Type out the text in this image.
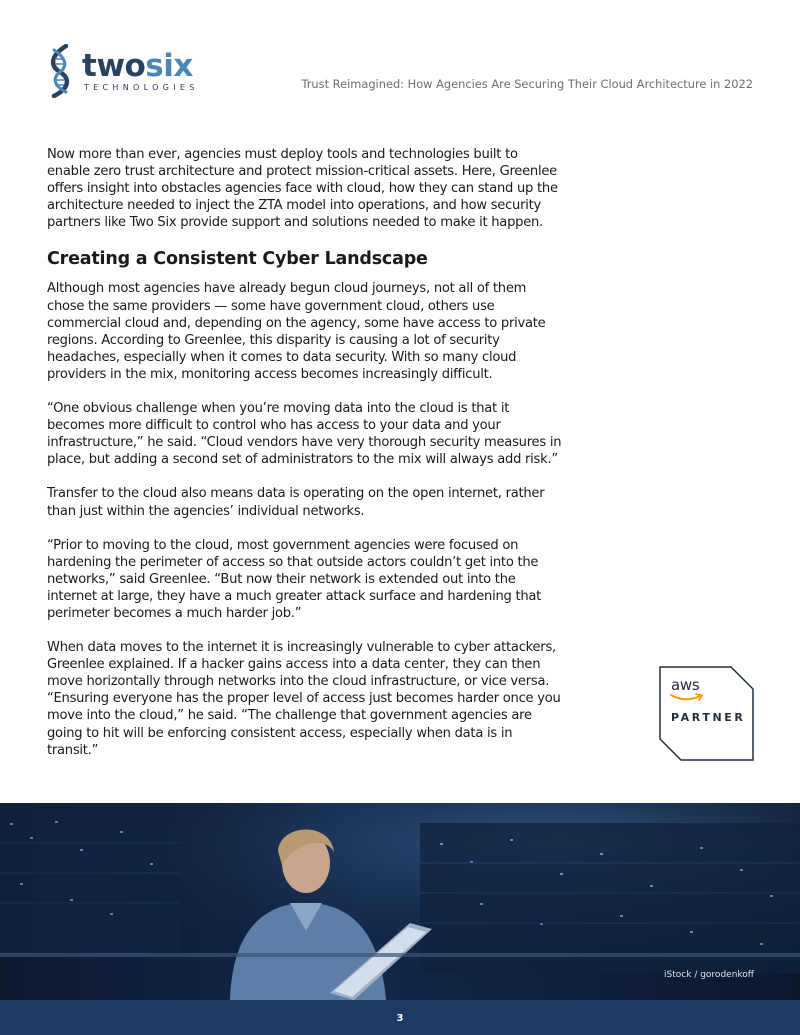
twosix
TECHNOLOGIES	Trust Reimagined: How Agencies Are Securing Their Cloud Architecture in 2022

Now more than ever, agencies must deploy tools and technologies built to enable zero trust architecture and protect mission-critical assets. Here, Greenlee offers insight into obstacles agencies face with cloud, how they can stand up the architecture needed to inject the ZTA model into operations, and how security partners like Two Six provide support and solutions needed to make it happen.

Creating a Consistent Cyber Landscape

Although most agencies have already begun cloud journeys, not all of them chose the same providers — some have government cloud, others use commercial cloud and, depending on the agency, some have access to private regions. According to Greenlee, this disparity is causing a lot of security headaches, especially when it comes to data security. With so many cloud providers in the mix, monitoring access becomes increasingly difficult.

“One obvious challenge when you’re moving data into the cloud is that it becomes more difficult to control who has access to your data and your infrastructure,” he said. “Cloud vendors have very thorough security measures in place, but adding a second set of administrators to the mix will always add risk.”

Transfer to the cloud also means data is operating on the open internet, rather than just within the agencies’ individual networks.

“Prior to moving to the cloud, most government agencies were focused on hardening the perimeter of access so that outside actors couldn’t get into the networks,” said Greenlee. “But now their network is extended out into the internet at large, they have a much greater attack surface and hardening that perimeter becomes a much harder job.”

When data moves to the internet it is increasingly vulnerable to cyber attackers, Greenlee explained. If a hacker gains access into a data center, they can then move horizontally through networks into the cloud infrastructure, or vice versa. “Ensuring everyone has the proper level of access just becomes harder once you move into the cloud,” he said. “The challenge that government agencies are going to hit will be enforcing consistent access, especially when data is in transit.”

aws
PARTNER
iStock / gorodenkoff
3
